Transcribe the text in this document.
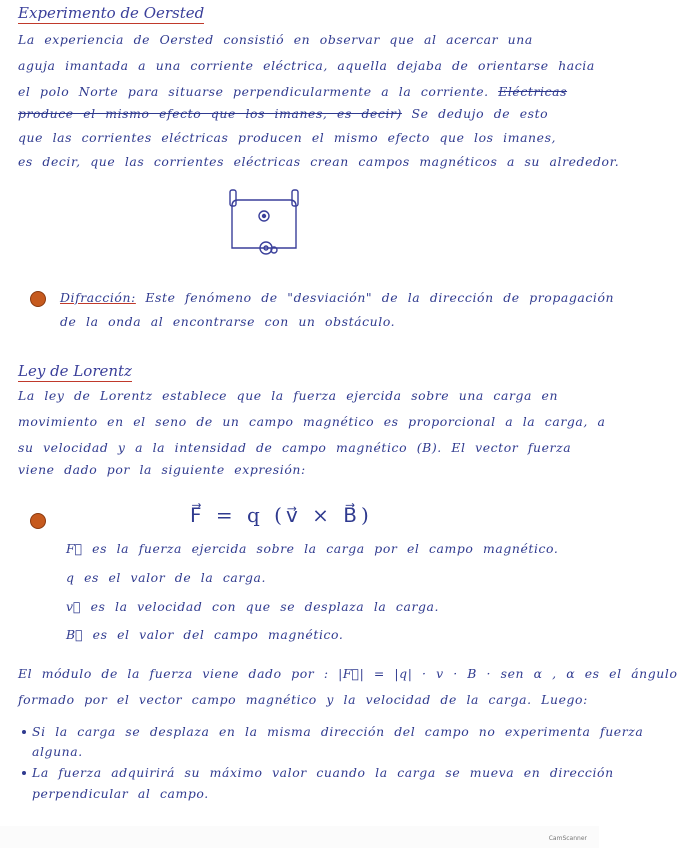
Experimento de Oersted
La experiencia de Oersted consistió en observar que al acercar una
aguja imantada a una corriente eléctrica, aquella dejaba de orientarse hacia
el polo Norte para situarse perpendicularmente a la corriente. Eléctricas
produce el mismo efecto que los imanes, es decir) Se dedujo de esto
que las corrientes eléctricas producen el mismo efecto que los imanes,
es decir, que las corrientes eléctricas crean campos magnéticos a su alrededor.
Difracción: Este fenómeno de "desviación" de la dirección de propagación
de la onda al encontrarse con un obstáculo.
Ley de Lorentz
La ley de Lorentz establece que la fuerza ejercida sobre una carga en
movimiento en el seno de un campo magnético es proporcional a la carga, a
su velocidad y a la intensidad de campo magnético (B). El vector fuerza
viene dado por la siguiente expresión:
F⃗ = q (v⃗ × B⃗)
F⃗ es la fuerza ejercida sobre la carga por el campo magnético.
q es el valor de la carga.
v⃗ es la velocidad con que se desplaza la carga.
B⃗ es el valor del campo magnético.
El módulo de la fuerza viene dado por : |F⃗| = |q| · v · B · sen α , α es el ángulo
formado por el vector campo magnético y la velocidad de la carga. Luego:
Si la carga se desplaza en la misma dirección del campo no experimenta fuerza
alguna.
La fuerza adquirirá su máximo valor cuando la carga se mueva en dirección
perpendicular al campo.
CamScanner
